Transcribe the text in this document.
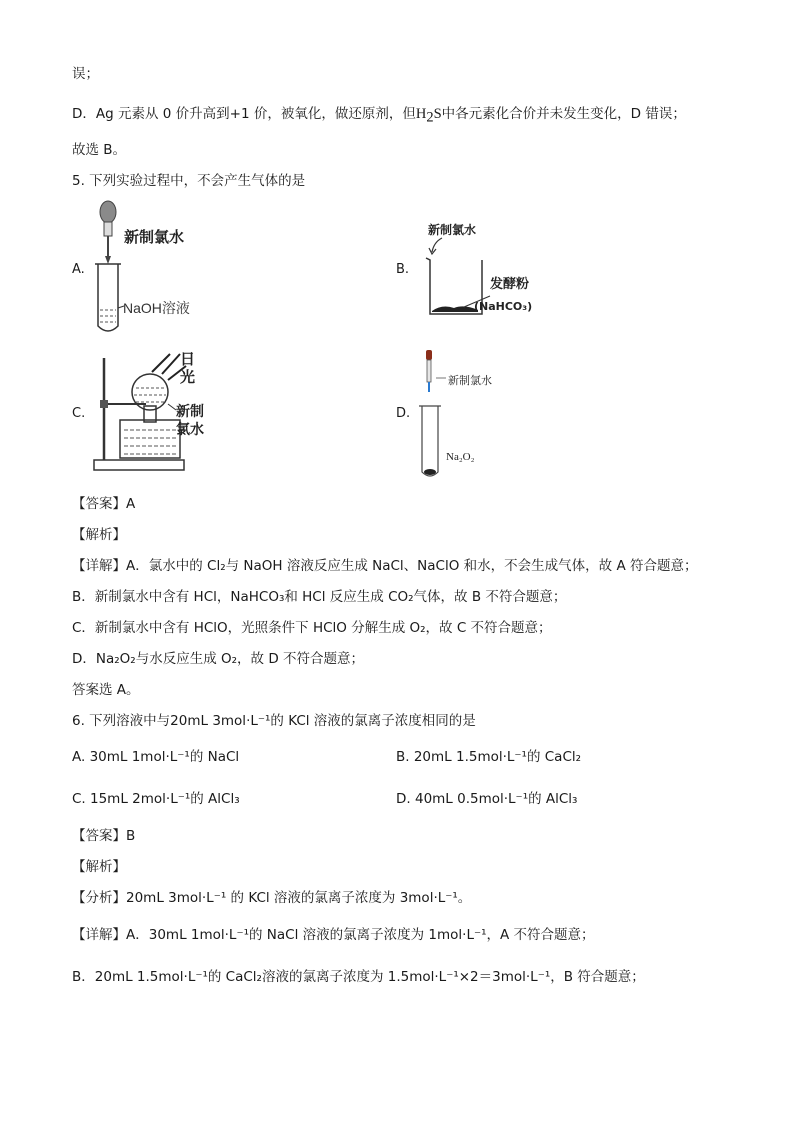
误；
D．Ag 元素从 0 价升高到+1 价，被氧化，做还原剂，但$H_2S$中各元素化合价并未发生变化，D 错误；
故选 B。
5. 下列实验过程中，不会产生气体的是
A.	B.
C.	D.
新制氯水
NaOH溶液
新制氯水
发酵粉
(NaHCO₃)
日
光
新制
氯水
新制氯水
Na₂O₂
【答案】A
【解析】
【详解】A．氯水中的 Cl₂与 NaOH 溶液反应生成 NaCl、NaClO 和水，不会生成气体，故 A 符合题意；
B．新制氯水中含有 HCl，NaHCO₃和 HCl 反应生成 CO₂气体，故 B 不符合题意；
C．新制氯水中含有 HClO，光照条件下 HClO 分解生成 O₂，故 C 不符合题意；
D．Na₂O₂与水反应生成 O₂，故 D 不符合题意；
答案选 A。
6. 下列溶液中与20mL 3mol·L⁻¹的 KCl 溶液的氯离子浓度相同的是
A. 30mL 1mol·L⁻¹的 NaCl	B. 20mL 1.5mol·L⁻¹的 CaCl₂
C. 15mL 2mol·L⁻¹的 AlCl₃	D. 40mL 0.5mol·L⁻¹的 AlCl₃
【答案】B
【解析】
【分析】20mL 3mol·L⁻¹ 的 KCl 溶液的氯离子浓度为 3mol·L⁻¹。
【详解】A．30mL 1mol·L⁻¹的 NaCl 溶液的氯离子浓度为 1mol·L⁻¹，A 不符合题意；
B．20mL 1.5mol·L⁻¹的 CaCl₂溶液的氯离子浓度为 1.5mol·L⁻¹×2＝3mol·L⁻¹，B 符合题意；
